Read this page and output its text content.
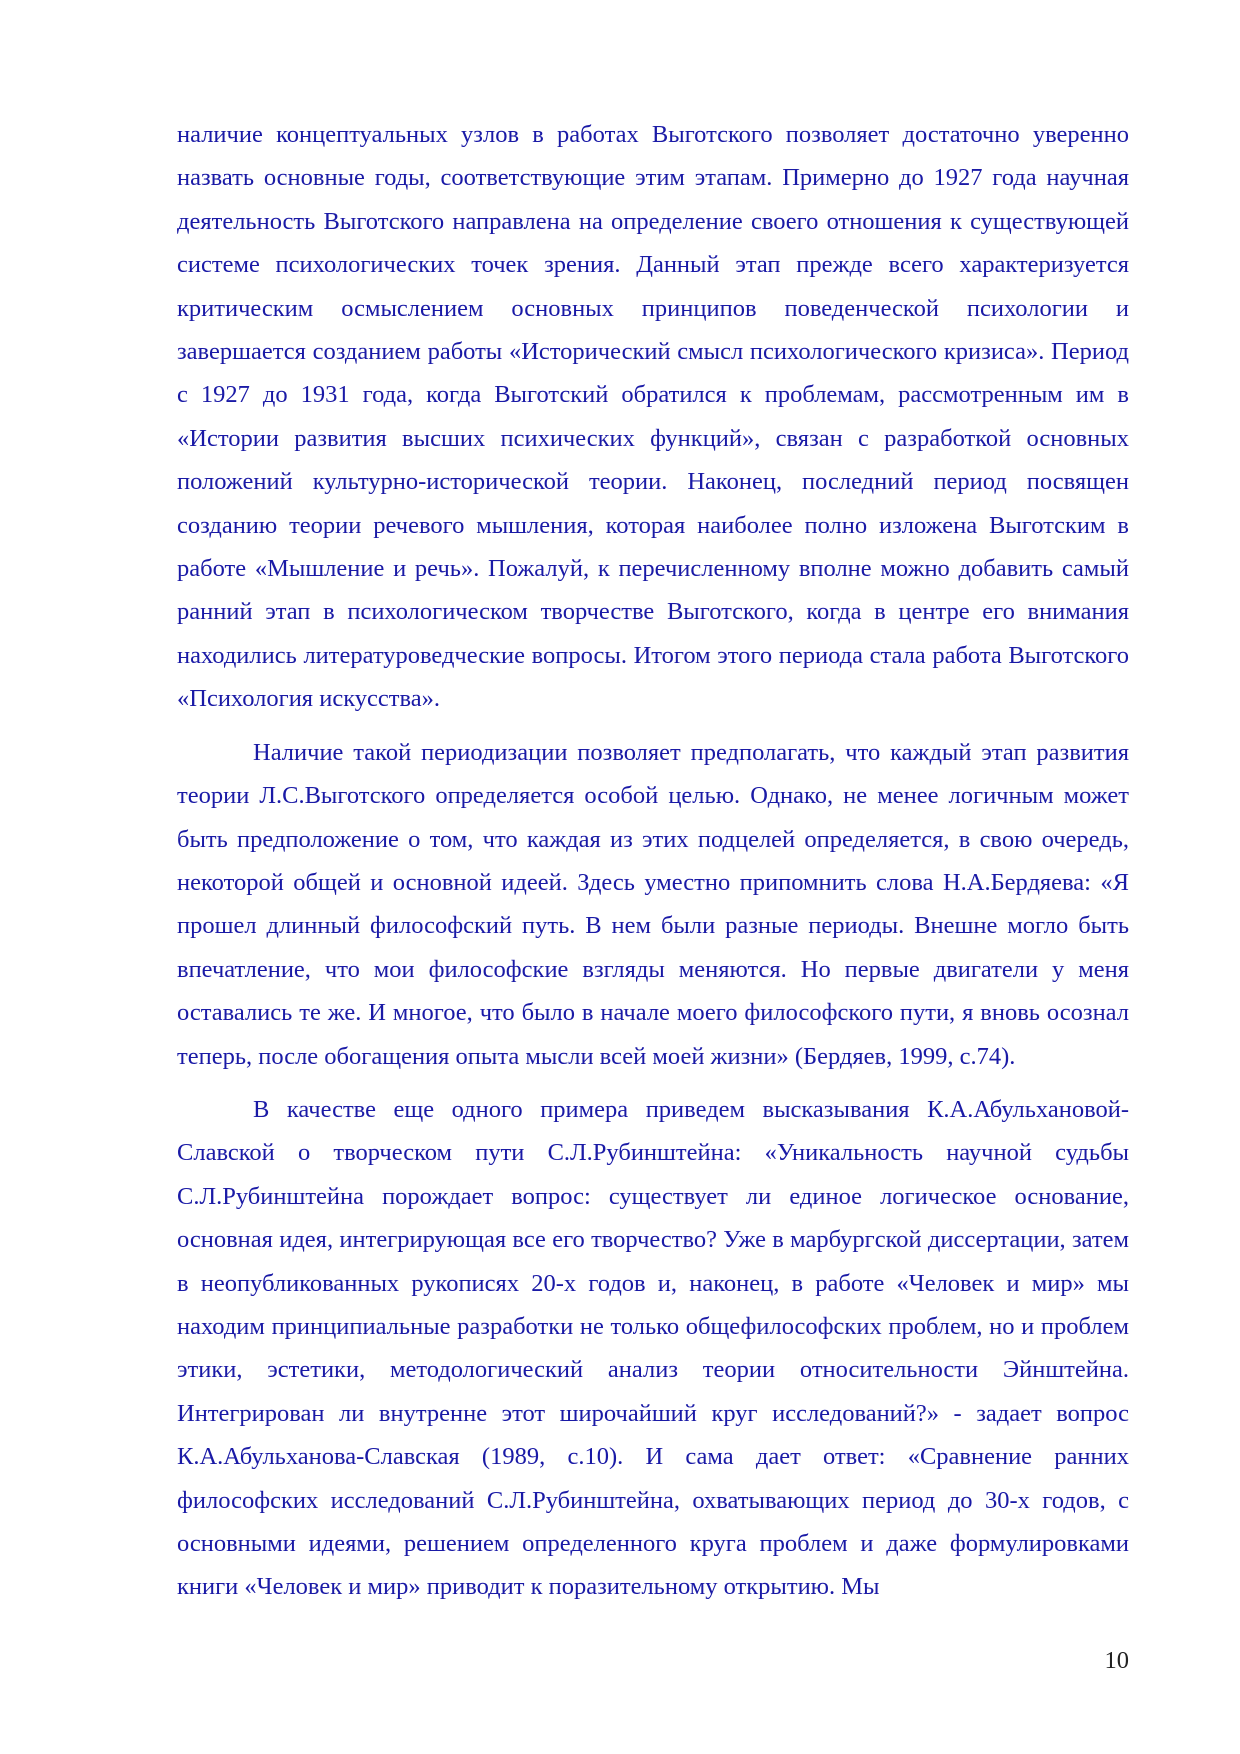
наличие концептуальных узлов в работах Выготского позволяет достаточно уверенно назвать основные годы, соответствующие этим этапам. Примерно до 1927 года научная деятельность Выготского направлена на определение своего отношения к существующей системе психологических точек зрения. Данный этап прежде всего характеризуется критическим осмыслением основных принципов поведенческой психологии и завершается созданием работы «Исторический смысл психологического кризиса». Период с 1927 до 1931 года, когда Выготский обратился к проблемам, рассмотренным им в «Истории развития высших психических функций», связан с разработкой основных положений культурно-исторической теории. Наконец, последний период посвящен созданию теории речевого мышления, которая наиболее полно изложена Выготским в работе «Мышление и речь». Пожалуй, к перечисленному вполне можно добавить самый ранний этап в психологическом творчестве Выготского, когда в центре его внимания находились литературоведческие вопросы. Итогом этого периода стала работа Выготского «Психология искусства».

Наличие такой периодизации позволяет предполагать, что каждый этап развития теории Л.С.Выготского определяется особой целью. Однако, не менее логичным может быть предположение о том, что каждая из этих подцелей определяется, в свою очередь, некоторой общей и основной идеей. Здесь уместно припомнить слова Н.А.Бердяева: «Я прошел длинный философский путь. В нем были разные периоды. Внешне могло быть впечатление, что мои философские взгляды меняются. Но первые двигатели у меня оставались те же. И многое, что было в начале моего философского пути, я вновь осознал теперь, после обогащения опыта мысли всей моей жизни» (Бердяев, 1999, с.74).

В качестве еще одного примера приведем высказывания К.А.Абульхановой-Славской о творческом пути С.Л.Рубинштейна: «Уникальность научной судьбы С.Л.Рубинштейна порождает вопрос: существует ли единое логическое основание, основная идея, интегрирующая все его творчество? Уже в марбургской диссертации, затем в неопубликованных рукописях 20-х годов и, наконец, в работе «Человек и мир» мы находим принципиальные разработки не только общефилософских проблем, но и проблем этики, эстетики, методологический анализ теории относительности Эйнштейна. Интегрирован ли внутренне этот широчайший круг исследований?» - задает вопрос К.А.Абульханова-Славская (1989, с.10). И сама дает ответ: «Сравнение ранних философских исследований С.Л.Рубинштейна, охватывающих период до 30-х годов, с основными идеями, решением определенного круга проблем и даже формулировками книги «Человек и мир» приводит к поразительному открытию. Мы

10
